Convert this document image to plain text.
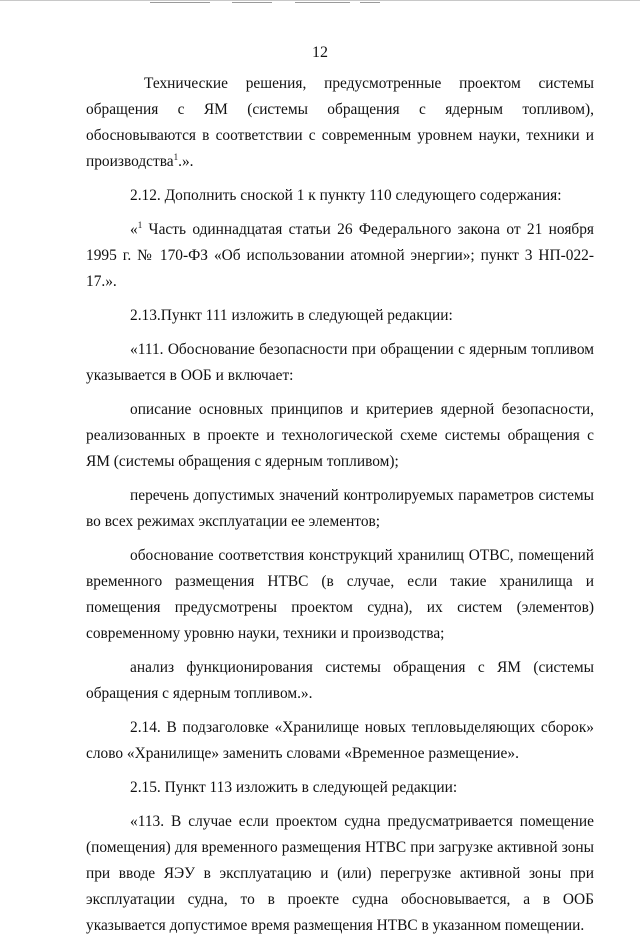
12

Технические решения, предусмотренные проектом системы обращения с ЯМ (системы обращения с ядерным топливом), обосновываются в соответствии с современным уровнем науки, техники и производства$^1$.».

2.12. Дополнить сноской 1 к пункту 110 следующего содержания:

«$^1$ Часть одиннадцатая статьи 26 Федерального закона от 21 ноября 1995 г. № 170-ФЗ «Об использовании атомной энергии»; пункт 3 НП-022-17.».

2.13.Пункт 111 изложить в следующей редакции:

«111. Обоснование безопасности при обращении с ядерным топливом указывается в ООБ и включает:

описание основных принципов и критериев ядерной безопасности, реализованных в проекте и технологической схеме системы обращения с ЯМ (системы обращения с ядерным топливом);

перечень допустимых значений контролируемых параметров системы во всех режимах эксплуатации ее элементов;

обоснование соответствия конструкций хранилищ ОТВС, помещений временного размещения НТВС (в случае, если такие хранилища и помещения предусмотрены проектом судна), их систем (элементов) современному уровню науки, техники и производства;

анализ функционирования системы обращения с ЯМ (системы обращения с ядерным топливом.».

2.14. В подзаголовке «Хранилище новых тепловыделяющих сборок» слово «Хранилище» заменить словами «Временное размещение».

2.15. Пункт 113 изложить в следующей редакции:

«113. В случае если проектом судна предусматривается помещение (помещения) для временного размещения НТВС при загрузке активной зоны при вводе ЯЭУ в эксплуатацию и (или) перегрузке активной зоны при эксплуатации судна, то в проекте судна обосновывается, а в ООБ указывается допустимое время размещения НТВС в указанном помещении.
